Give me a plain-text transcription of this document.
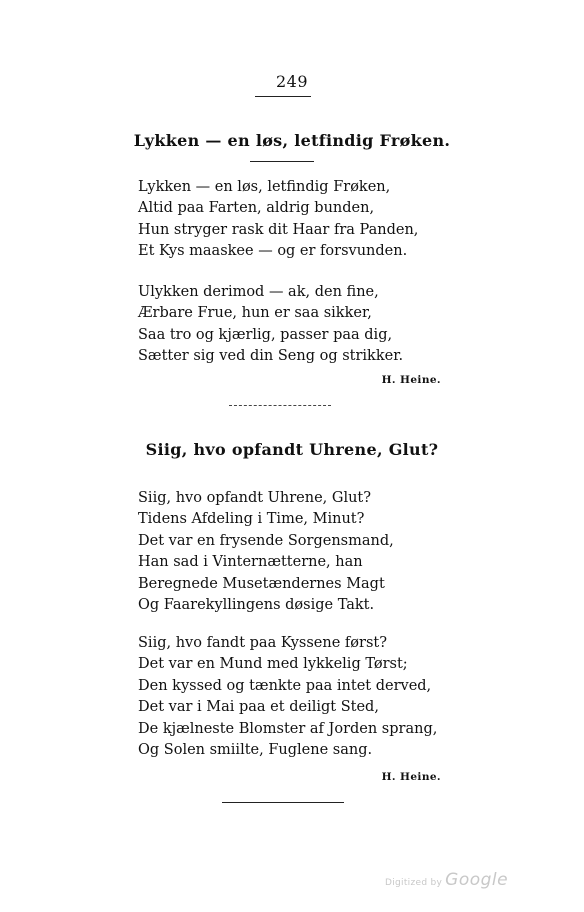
249
Lykken — en løs, letfindig Frøken.
Lykken — en løs, letfindig Frøken,
Altid paa Farten, aldrig bunden,
Hun stryger rask dit Haar fra Panden,
Et Kys maaskee — og er forsvunden.
Ulykken derimod — ak, den fine,
Ærbare Frue, hun er saa sikker,
Saa tro og kjærlig, passer paa dig,
Sætter sig ved din Seng og strikker.
H. Heine.
Siig, hvo opfandt Uhrene, Glut?
Siig, hvo opfandt Uhrene, Glut?
Tidens Afdeling i Time, Minut?
Det var en frysende Sorgensmand,
Han sad i Vinternætterne, han
Beregnede Musetændernes Magt
Og Faarekyllingens døsige Takt.
Siig, hvo fandt paa Kyssene først?
Det var en Mund med lykkelig Tørst;
Den kyssed og tænkte paa intet derved,
Det var i Mai paa et deiligt Sted,
De kjælneste Blomster af Jorden sprang,
Og Solen smiilte, Fuglene sang.
H. Heine.
Digitized by Google
